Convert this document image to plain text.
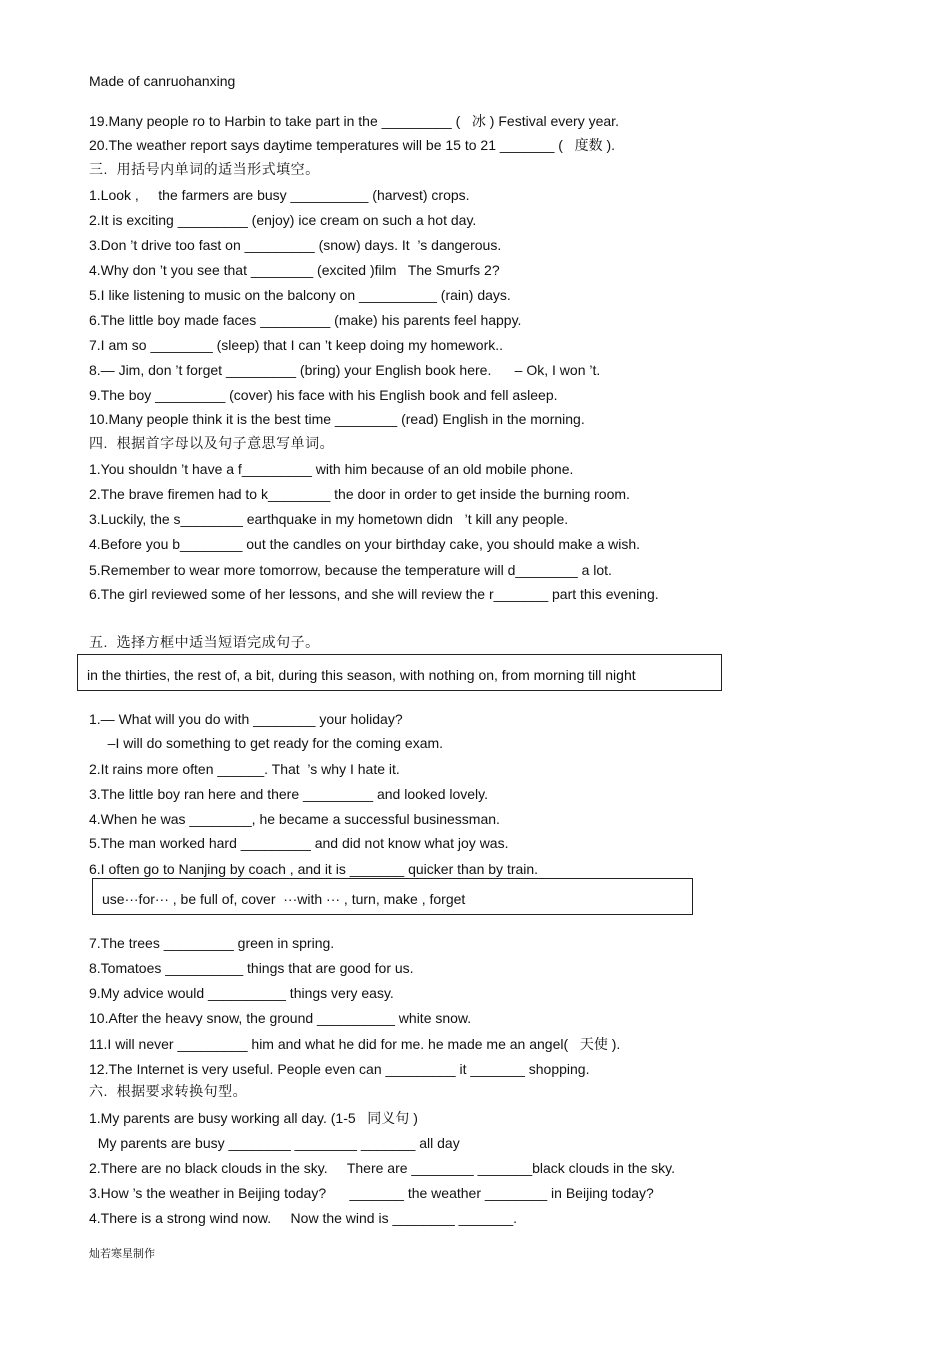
Made of canruohanxing

19.Many people ro to Harbin to take part in the _________ (   冰 ) Festival every year.

20.The weather report says daytime temperatures will be 15 to 21 _______ (   度数 ).

三.  用括号内单词的适当形式填空。

1.Look ,     the farmers are busy __________ (harvest) crops.

2.It is exciting _________ (enjoy) ice cream on such a hot day.

3.Don ’t drive too fast on _________ (snow) days. It  ’s dangerous.

4.Why don ’t you see that ________ (excited )film   The Smurfs 2?

5.I like listening to music on the balcony on __________ (rain) days.

6.The little boy made faces _________ (make) his parents feel happy.

7.I am so ________ (sleep) that I can ’t keep doing my homework..

8.— Jim, don ’t forget _________ (bring) your English book here.      – Ok, I won ’t.

9.The boy _________ (cover) his face with his English book and fell asleep.

10.Many people think it is the best time ________ (read) English in the morning.

四.  根据首字母以及句子意思写单词。

1.You shouldn ’t have a f_________ with him because of an old mobile phone.

2.The brave firemen had to k________ the door in order to get inside the burning room.

3.Luckily, the s________ earthquake in my hometown didn   ’t kill any people.

4.Before you b________ out the candles on your birthday cake, you should make a wish.

5.Remember to wear more tomorrow, because the temperature will d________ a lot.

6.The girl reviewed some of her lessons, and she will review the r_______ part this evening.

五.  选择方框中适当短语完成句子。

in the thirties, the rest of, a bit, during this season, with nothing on, from morning till night

1.— What will you do with ________ your holiday?

–I will do something to get ready for the coming exam.

2.It rains more often ______. That  ’s why I hate it.

3.The little boy ran here and there _________ and looked lovely.

4.When he was ________, he became a successful businessman.

5.The man worked hard _________ and did not know what joy was.

6.I often go to Nanjing by coach , and it is _______ quicker than by train.

use···for··· , be full of, cover  ···with ··· , turn, make , forget

7.The trees _________ green in spring.

8.Tomatoes __________ things that are good for us.

9.My advice would __________ things very easy.

10.After the heavy snow, the ground __________ white snow.

11.I will never _________ him and what he did for me. he made me an angel(   天使 ).

12.The Internet is very useful. People even can _________ it _______ shopping.

六.  根据要求转换句型。

1.My parents are busy working all day. (1-5   同义句 )

My parents are busy ________ ________ _______ all day

2.There are no black clouds in the sky.     There are ________ _______black clouds in the sky.

3.How ’s the weather in Beijing today?      _______ the weather ________ in Beijing today?

4.There is a strong wind now.     Now the wind is ________ _______.

灿若寒星制作
